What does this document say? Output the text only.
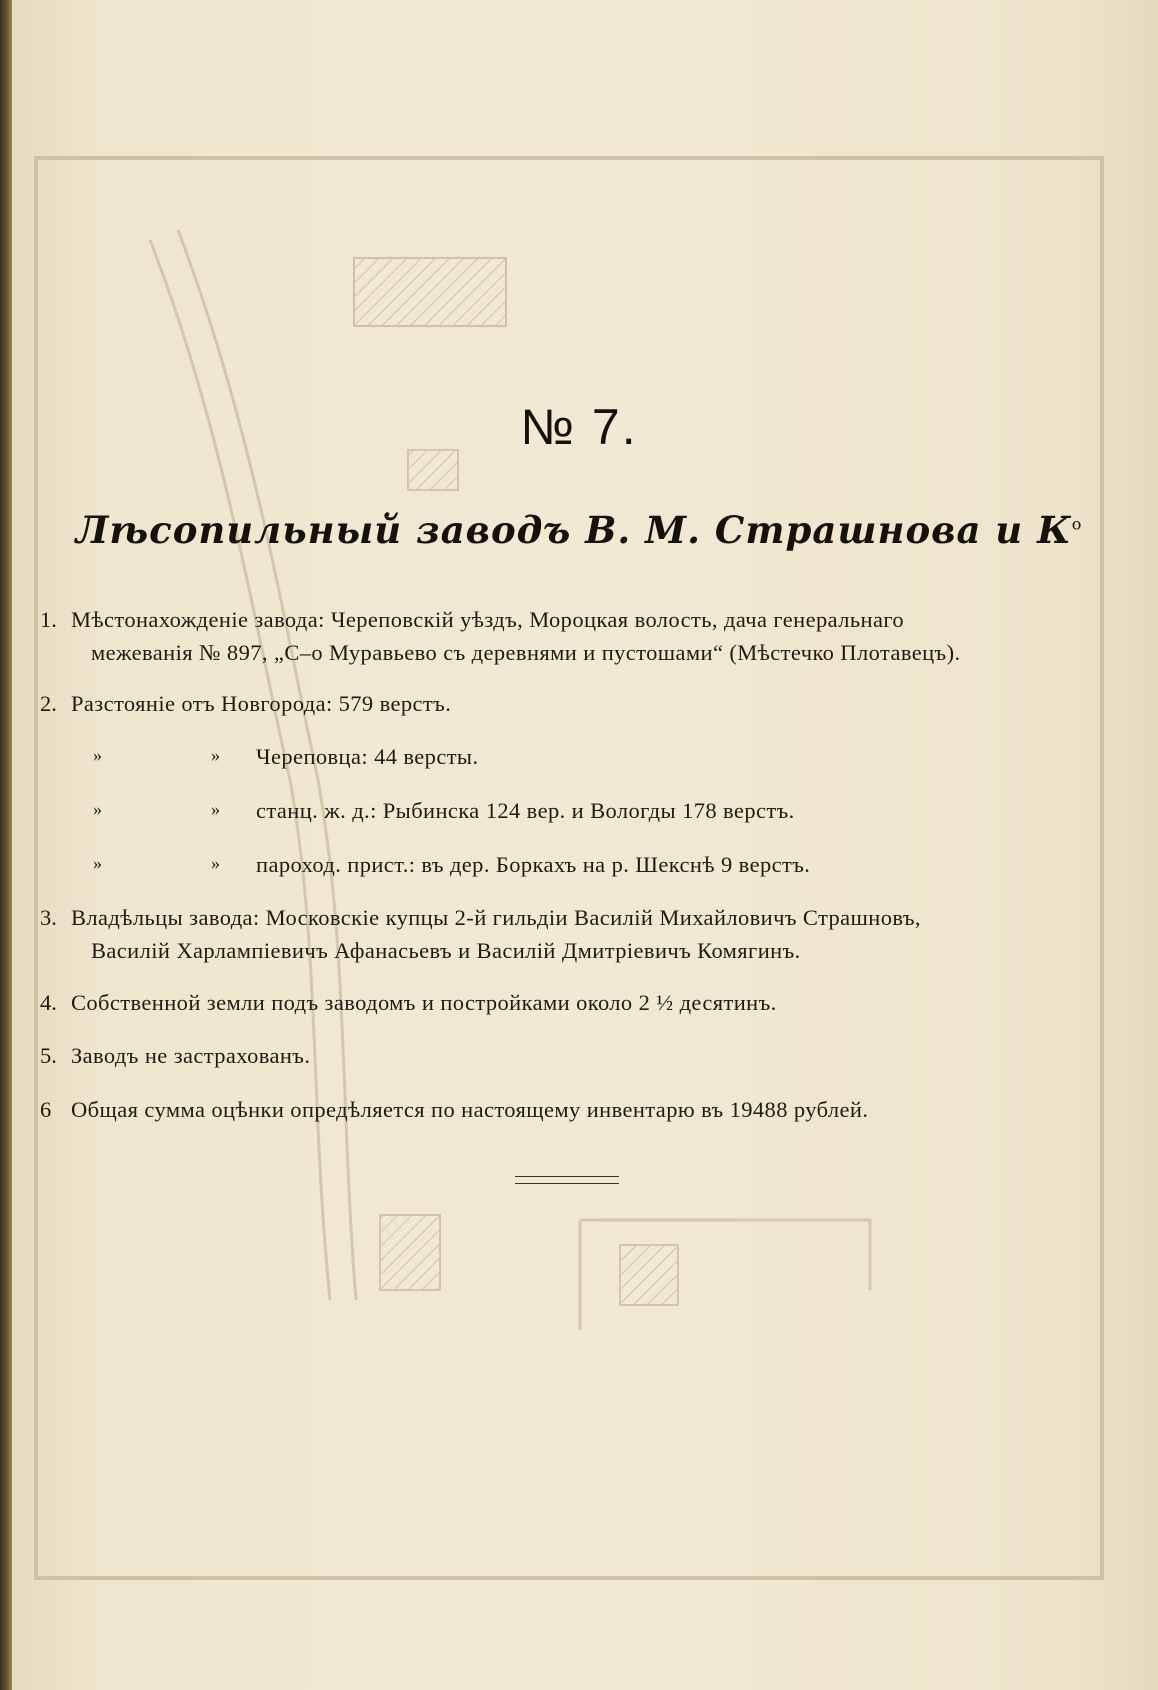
№ 7.
Лѣсопильный заводъ В. М. Страшнова и $К^о$
1. Мѣстонахожденіе завода: Череповскій уѣздъ, Мороцкая волость, дача генеральнаго
межеванія № 897, „С–о Муравьево съ деревнями и пустошами“ (Мѣстечко Плотавецъ).
2. Разстояніе отъ Новгорода: 579 верстъ.
»	» Череповца: 44 версты.
»	» станц. ж. д.: Рыбинска 124 вер. и Вологды 178 верстъ.
»	» пароход. прист.: въ дер. Боркахъ на р. Шекснѣ 9 верстъ.
3. Владѣльцы завода: Московскіе купцы 2-й гильдіи Василій Михайловичъ Страшновъ,
Василій Харлампіевичъ Афанасьевъ и Василій Дмитріевичъ Комягинъ.
4. Собственной земли подъ заводомъ и постройками около 2 ½ десятинъ.
5. Заводъ не застрахованъ.
6 Общая сумма оцѣнки опредѣляется по настоящему инвентарю въ 19488 рублей.
